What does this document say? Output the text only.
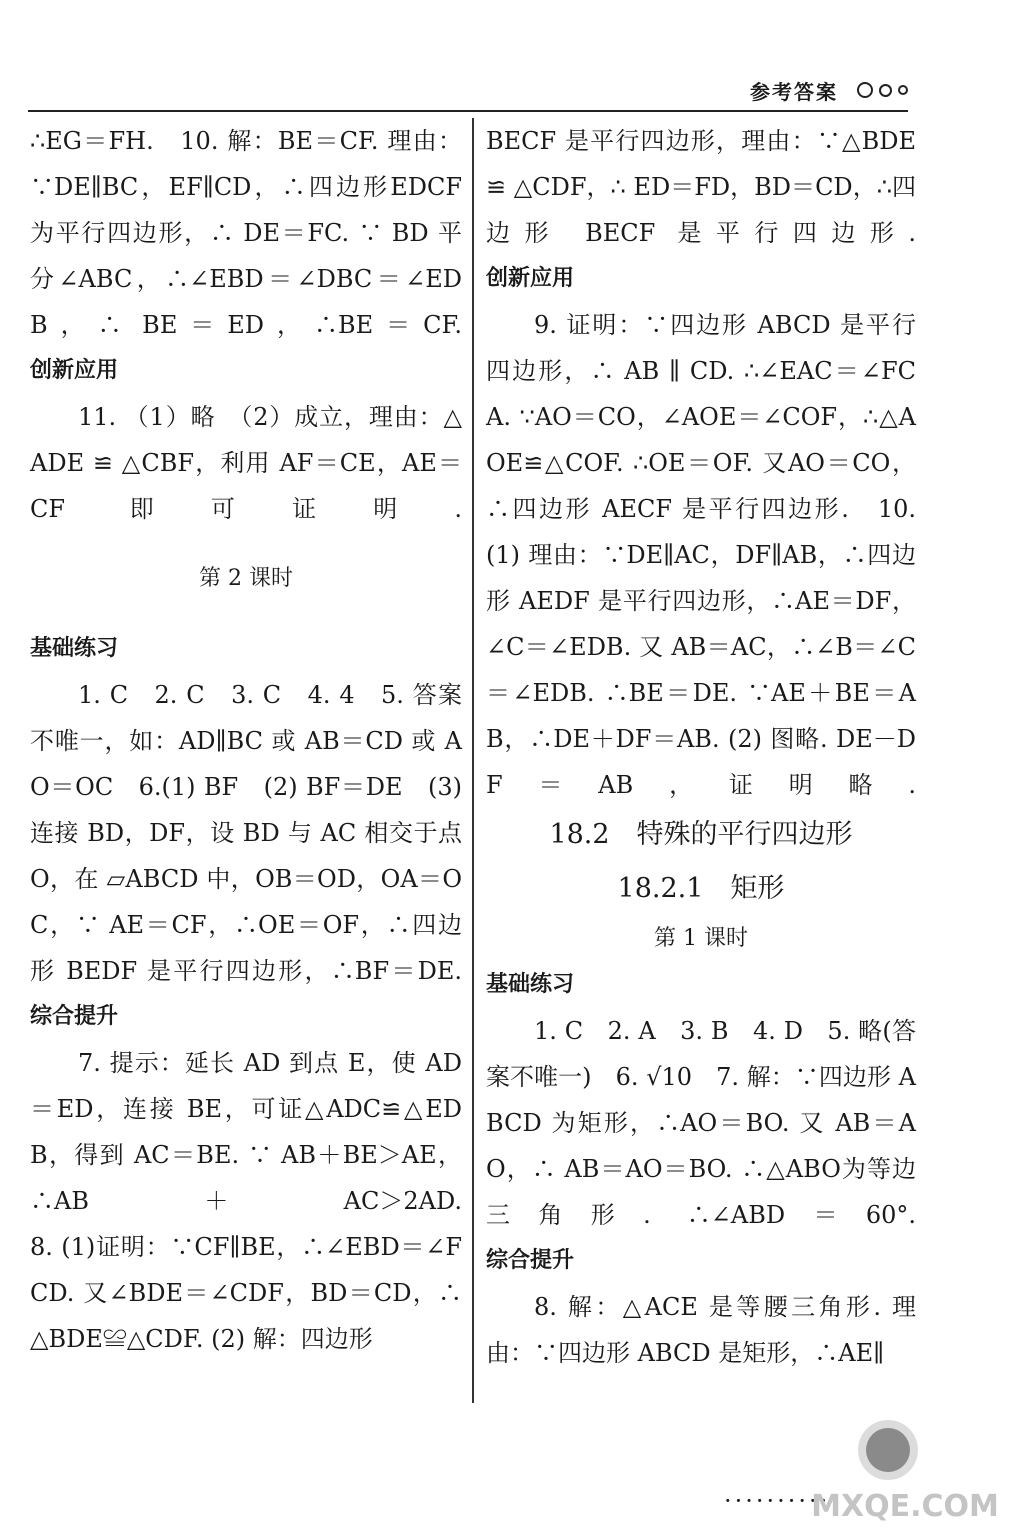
参考答案

∴EG＝FH.　10. 解：BE＝CF. 理由：∵DE∥BC，EF∥CD，∴四边形EDCF 为平行四边形，∴ DE＝FC. ∵ BD 平分∠ABC，∴∠EBD＝∠DBC＝∠EDB，∴ BE＝ED，∴BE＝CF.

创新应用

11. （1）略　（2）成立，理由：△ADE ≌ △CBF，利用 AF＝CE，AE＝CF 即可证明.

第 2 课时

基础练习

1. C　2. C　3. C　4. 4　5. 答案不唯一，如：AD∥BC 或 AB＝CD 或 AO＝OC　6.(1) BF　(2) BF＝DE　(3) 连接 BD，DF，设 BD 与 AC 相交于点 O，在 ▱ABCD 中，OB＝OD，OA＝OC，∵ AE＝CF，∴OE＝OF，∴四边形 BEDF 是平行四边形，∴BF＝DE.

综合提升

7. 提示：延长 AD 到点 E，使 AD＝ED，连接 BE，可证△ADC≌△EDB，得到 AC＝BE. ∵ AB＋BE＞AE，∴AB＋AC＞2AD.

8. (1)证明：∵CF∥BE，∴∠EBD＝∠FCD. 又∠BDE＝∠CDF，BD＝CD，∴△BDE≌△CDF. (2) 解：四边形

BECF 是平行四边形，理由：∵△BDE ≌ △CDF，∴ ED＝FD，BD＝CD，∴四边形 BECF 是平行四边形.

创新应用

9. 证明：∵四边形 ABCD 是平行四边形，∴ AB ∥ CD. ∴∠EAC＝∠FCA. ∵AO＝CO，∠AOE＝∠COF，∴△AOE≌△COF. ∴OE＝OF. 又AO＝CO，∴四边形 AECF 是平行四边形.　10. (1) 理由：∵DE∥AC，DF∥AB，∴四边形 AEDF 是平行四边形，∴AE＝DF，∠C＝∠EDB. 又 AB＝AC，∴∠B＝∠C＝∠EDB. ∴BE＝DE. ∵AE＋BE＝AB，∴DE＋DF＝AB. (2) 图略. DE－DF＝AB，证明略.

18.2　特殊的平行四边形

18.2.1　矩形

第 1 课时

基础练习

1. C　2. A　3. B　4. D　5. 略(答案不唯一)　6. √10　7. 解：∵四边形 ABCD 为矩形，∴AO＝BO. 又 AB＝AO，∴ AB＝AO＝BO. ∴△ABO为等边三角形. ∴∠ABD＝60°.

综合提升

8. 解：△ACE 是等腰三角形. 理由：∵四边形 ABCD 是矩形，∴AE∥

··········
MXQE.COM
